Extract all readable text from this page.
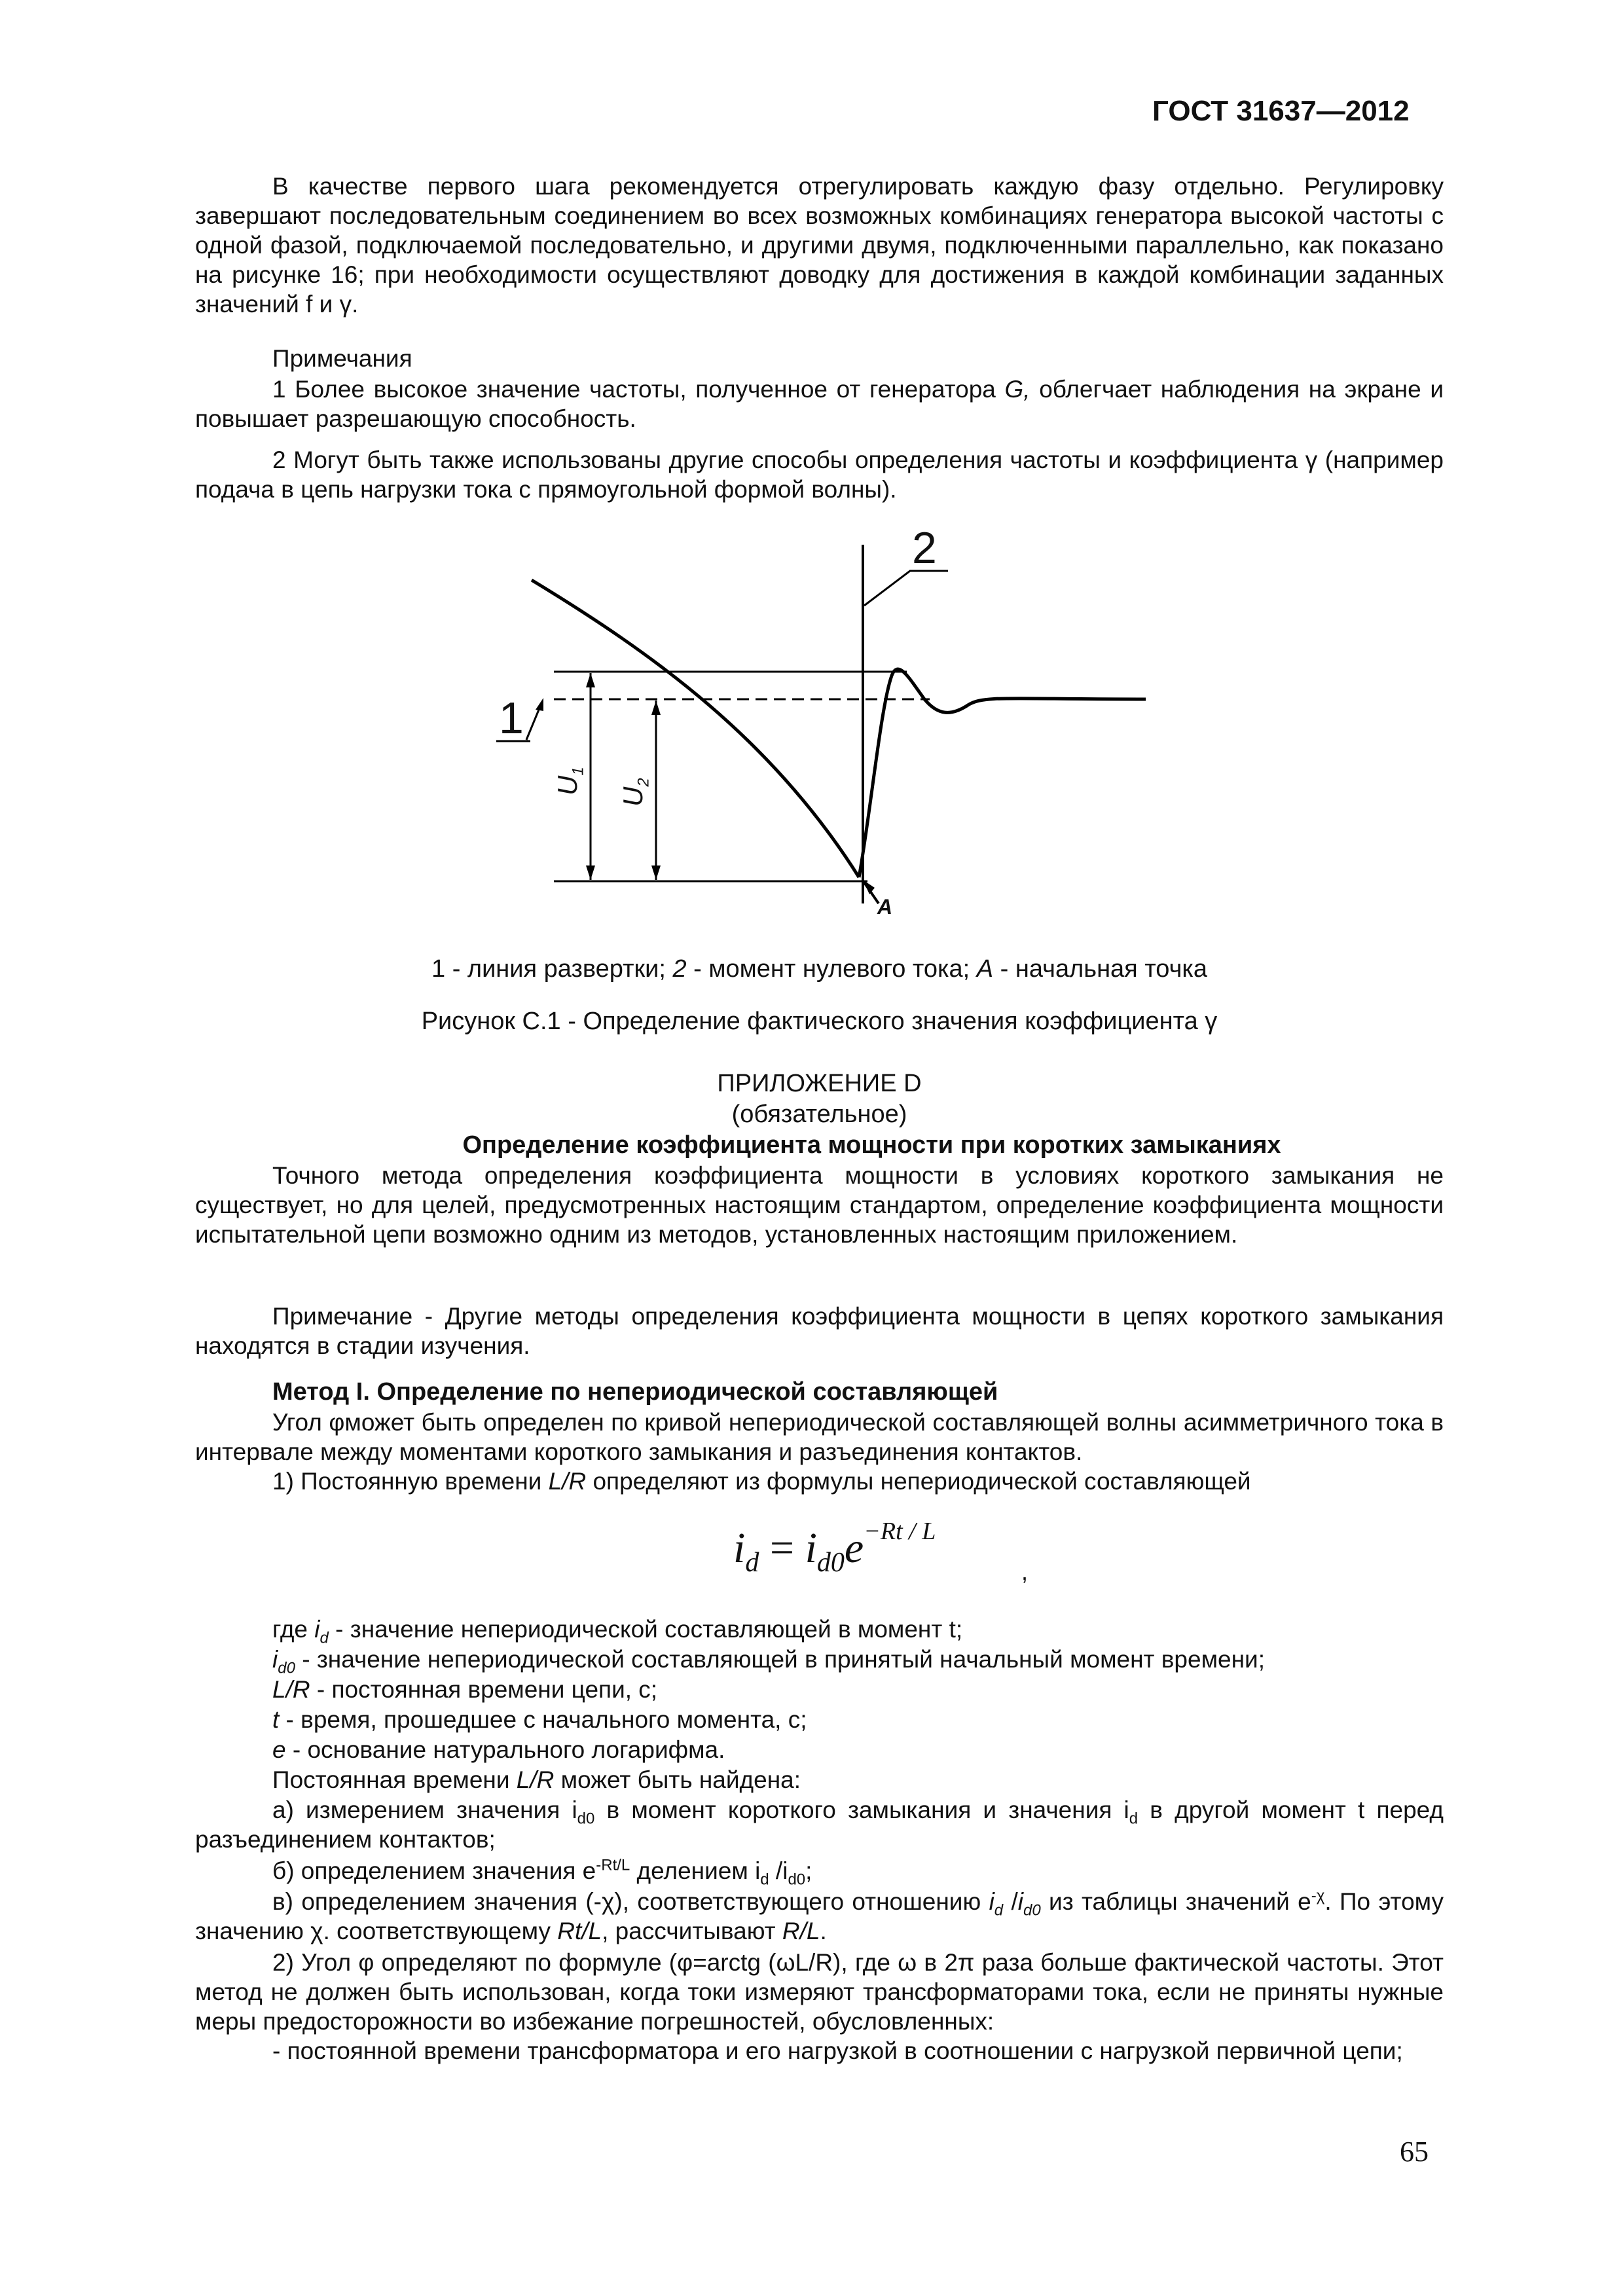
ГОСТ 31637—2012
В качестве первого шага рекомендуется отрегулировать каждую фазу отдельно. Регулировку завершают последовательным соединением во всех возможных комбинациях генератора высокой частоты с одной фазой, подключаемой последовательно, и другими двумя, подключенными параллельно, как показано на рисунке 16; при необходимости осуществляют доводку для достижения в каждой комбинации заданных значений f и γ.
Примечания
1 Более высокое значение частоты, полученное от генератора G, облегчает наблюдения на экране и повышает разрешающую способность.
2 Могут быть также использованы другие способы определения частоты и коэффициента γ (например подача в цепь нагрузки тока с прямоугольной формой волны).
2
1
$U_1$
$U_2$
A
1 - линия развертки; 2 - момент нулевого тока; A - начальная точка
Рисунок С.1 - Определение фактического значения коэффициента γ
ПРИЛОЖЕНИЕ D
(обязательное)
Определение коэффициента мощности при коротких замыканиях
Точного метода определения коэффициента мощности в условиях короткого замыкания не существует, но для целей, предусмотренных настоящим стандартом, определение коэффициента мощности испытательной цепи возможно одним из методов, установленных настоящим приложением.
Примечание - Другие методы определения коэффициента мощности в цепях короткого замыкания находятся в стадии изучения.
Метод I. Определение по непериодической составляющей
Угол φможет быть определен по кривой непериодической составляющей волны асимметричного тока в интервале между моментами короткого замыкания и разъединения контактов.
1) Постоянную времени L/R определяют из формулы непериодической составляющей
$i_d = i_{d0}e^{-Rt / L}$
,
где $i_d$ - значение непериодической составляющей в момент t;
$i_{d0}$ - значение непериодической составляющей в принятый начальный момент времени;
L/R - постоянная времени цепи, с;
t - время, прошедшее с начального момента, с;
e - основание натурального логарифма.
Постоянная времени L/R может быть найдена:
а) измерением значения $i_{d0}$ в момент короткого замыкания и значения $i_d$ в другой момент t перед разъединением контактов;
б) определением значения $e^{-Rt/L}$ делением $i_d$ $/i_{d0}$;
в) определением значения (-χ), соответствующего отношению $i_d$ $/i_{d0}$ из таблицы значений $e^{-\chi}$. По этому значению χ. соответствующему Rt/L, рассчитывают R/L.
2) Угол φ определяют по формуле (φ=arctg (ωL/R), где ω в 2π раза больше фактической частоты. Этот метод не должен быть использован, когда токи измеряют трансформаторами тока, если не приняты нужные меры предосторожности во избежание погрешностей, обусловленных:
- постоянной времени трансформатора и его нагрузкой в соотношении с нагрузкой первичной цепи;
65
